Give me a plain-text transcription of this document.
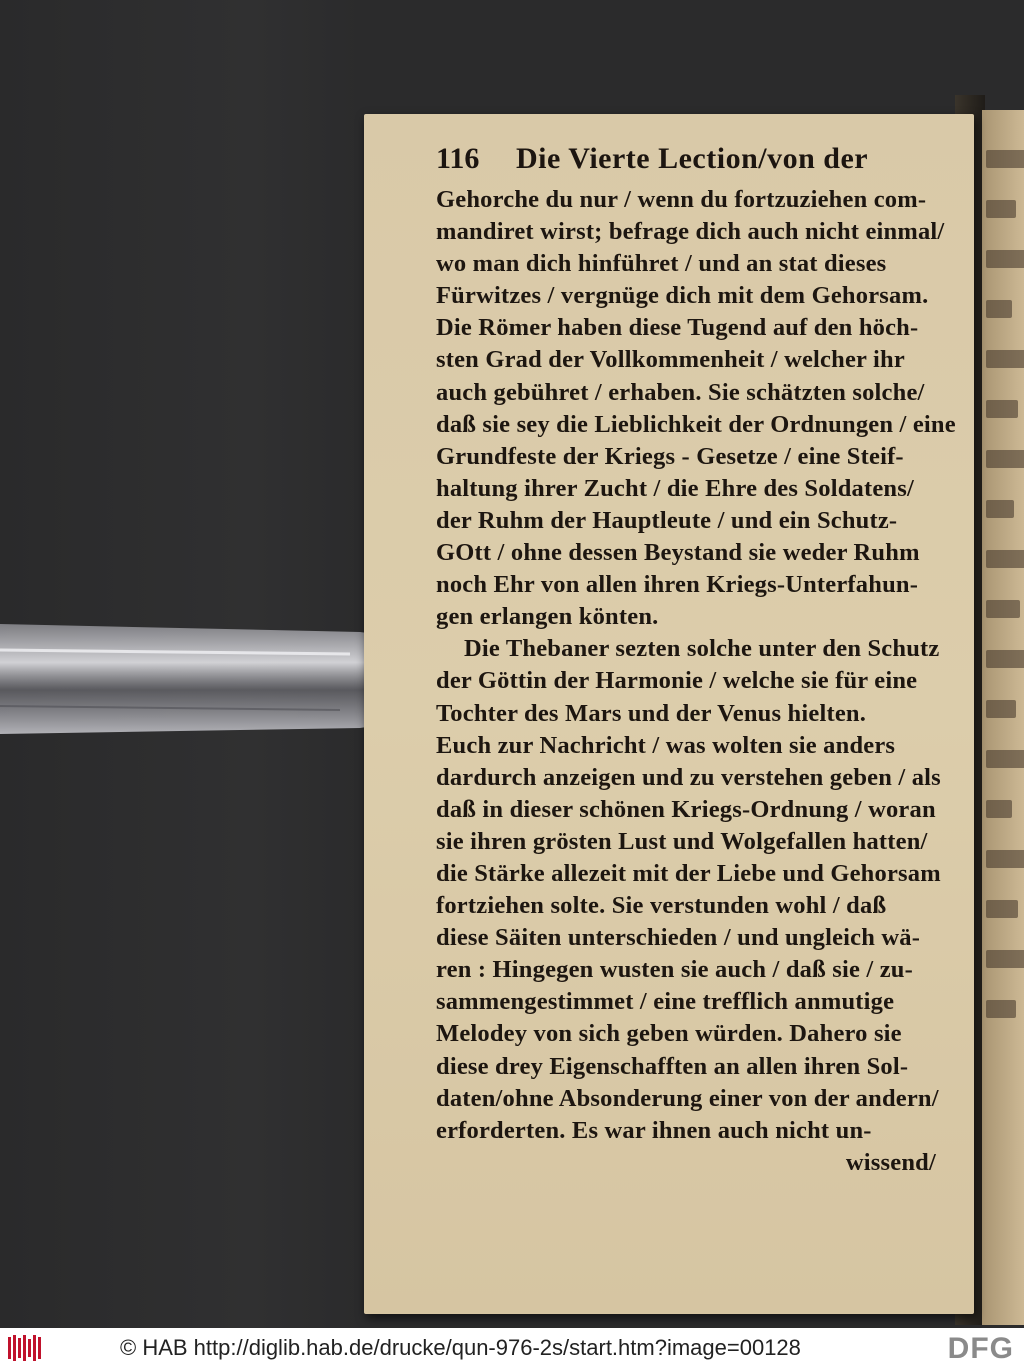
116	Die Vierte Lection/von der
Gehorche du nur / wenn du fortzuziehen com-
mandiret wirst; befrage dich auch nicht einmal/
wo man dich hinführet / und an stat dieses
Fürwitzes / vergnüge dich mit dem Gehorsam.
Die Römer haben diese Tugend auf den höch-
sten Grad der Vollkommenheit / welcher ihr
auch gebühret / erhaben. Sie schätzten solche/
daß sie sey die Lieblichkeit der Ordnungen / eine
Grundfeste der Kriegs - Gesetze / eine Steif-
haltung ihrer Zucht / die Ehre des Soldatens/
der Ruhm der Hauptleute / und ein Schutz-
GOtt / ohne dessen Beystand sie weder Ruhm
noch Ehr von allen ihren Kriegs-Unterfahun-
gen erlangen könten.
Die Thebaner sezten solche unter den Schutz
der Göttin der Harmonie / welche sie für eine
Tochter des Mars und der Venus hielten.
Euch zur Nachricht / was wolten sie anders
dardurch anzeigen und zu verstehen geben / als
daß in dieser schönen Kriegs-Ordnung / woran
sie ihren grösten Lust und Wolgefallen hatten/
die Stärke allezeit mit der Liebe und Gehorsam
fortziehen solte. Sie verstunden wohl / daß
diese Säiten unterschieden / und ungleich wä-
ren : Hingegen wusten sie auch / daß sie / zu-
sammengestimmet / eine trefflich anmutige
Melodey von sich geben würden. Dahero sie
diese drey Eigenschafften an allen ihren Sol-
daten/ohne Absonderung einer von der andern/
erforderten. Es war ihnen auch nicht un-
wissend/
© HAB http://diglib.hab.de/drucke/qun-976-2s/start.htm?image=00128	DFG
